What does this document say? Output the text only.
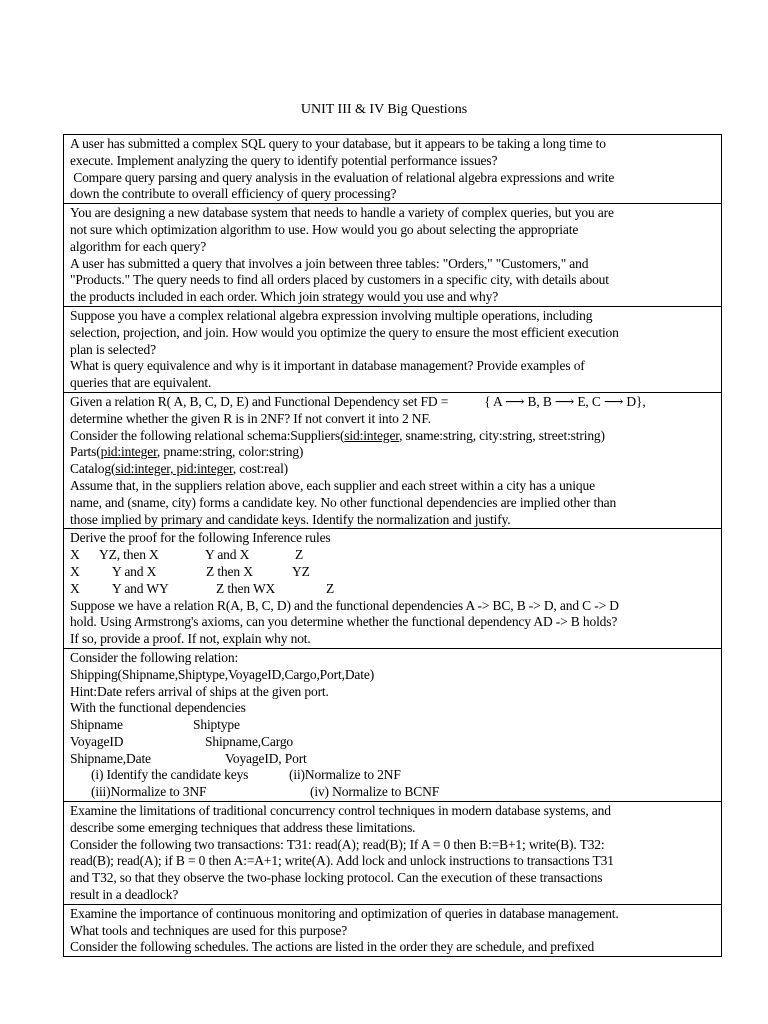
UNIT III & IV Big Questions
A user has submitted a complex SQL query to your database, but it appears to be taking a long time to
execute. Implement analyzing the query to identify potential performance issues?
Compare query parsing and query analysis in the evaluation of relational algebra expressions and write
down the contribute to overall efficiency of query processing?

You are designing a new database system that needs to handle a variety of complex queries, but you are
not sure which optimization algorithm to use. How would you go about selecting the appropriate
algorithm for each query?
A user has submitted a query that involves a join between three tables: "Orders," "Customers," and
"Products." The query needs to find all orders placed by customers in a specific city, with details about
the products included in each order. Which join strategy would you use and why?

Suppose you have a complex relational algebra expression involving multiple operations, including
selection, projection, and join. How would you optimize the query to ensure the most efficient execution
plan is selected?
What is query equivalence and why is it important in database management? Provide examples of
queries that are equivalent.

Given a relation R( A, B, C, D, E) and Functional Dependency set FD =	{ A ⟶ B, B ⟶ E, C ⟶ D},
determine whether the given R is in 2NF? If not convert it into 2 NF.
Consider the following relational schema:Suppliers(sid:integer, sname:string, city:string, street:string)
Parts(pid:integer, pname:string, color:string)
Catalog(sid:integer, pid:integer, cost:real)
Assume that, in the suppliers relation above, each supplier and each street within a city has a unique
name, and (sname, city) forms a candidate key. No other functional dependencies are implied other than
those implied by primary and candidate keys. Identify the normalization and justify.

Derive the proof for the following Inference rules
X YZ, then X	Y and X	Z
X Y and X	Z then X	YZ
X Y and WY	Z then WX	Z
Suppose we have a relation R(A, B, C, D) and the functional dependencies A -> BC, B -> D, and C -> D
hold. Using Armstrong's axioms, can you determine whether the functional dependency AD -> B holds?
If so, provide a proof. If not, explain why not.

Consider the following relation:
Shipping(Shipname,Shiptype,VoyageID,Cargo,Port,Date)
Hint:Date refers arrival of ships at the given port.
With the functional dependencies
Shipname	Shiptype
VoyageID	Shipname,Cargo
Shipname,Date	VoyageID, Port
(i) Identify the candidate keys	(ii)Normalize to 2NF
(iii)Normalize to 3NF	(iv) Normalize to BCNF

Examine the limitations of traditional concurrency control techniques in modern database systems, and
describe some emerging techniques that address these limitations.
Consider the following two transactions: T31: read(A); read(B); If A = 0 then B:=B+1; write(B). T32:
read(B); read(A); if B = 0 then A:=A+1; write(A). Add lock and unlock instructions to transactions T31
and T32, so that they observe the two-phase locking protocol. Can the execution of these transactions
result in a deadlock?

Examine the importance of continuous monitoring and optimization of queries in database management.
What tools and techniques are used for this purpose?
Consider the following schedules. The actions are listed in the order they are schedule, and prefixed
